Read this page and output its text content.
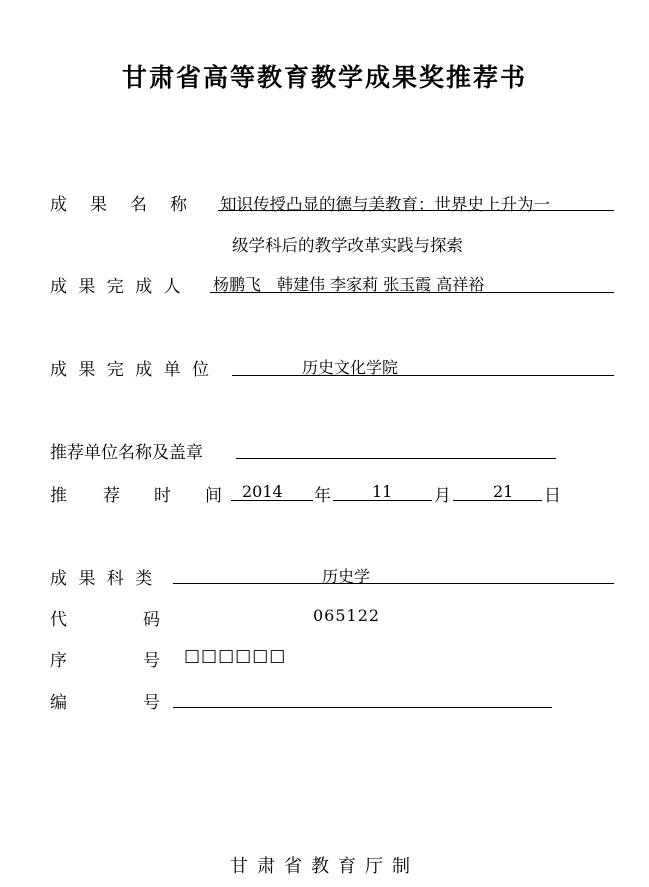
甘肃省高等教育教学成果奖推荐书
成 果 名 称 知识传授凸显的德与美教育：世界史上升为一
级学科后的教学改革实践与探索
成 果 完 成 人 杨鹏飞　韩建伟 李家莉 张玉霞 高祥裕
成 果 完 成 单 位	历史文化学院
推荐单位名称及盖章
推 荐 时 间 2014 年	11 月	21 日
成 果 科 类	历史学
代	码	065122
序	号 □□□□□□
编	号
甘肃省教育厅制
